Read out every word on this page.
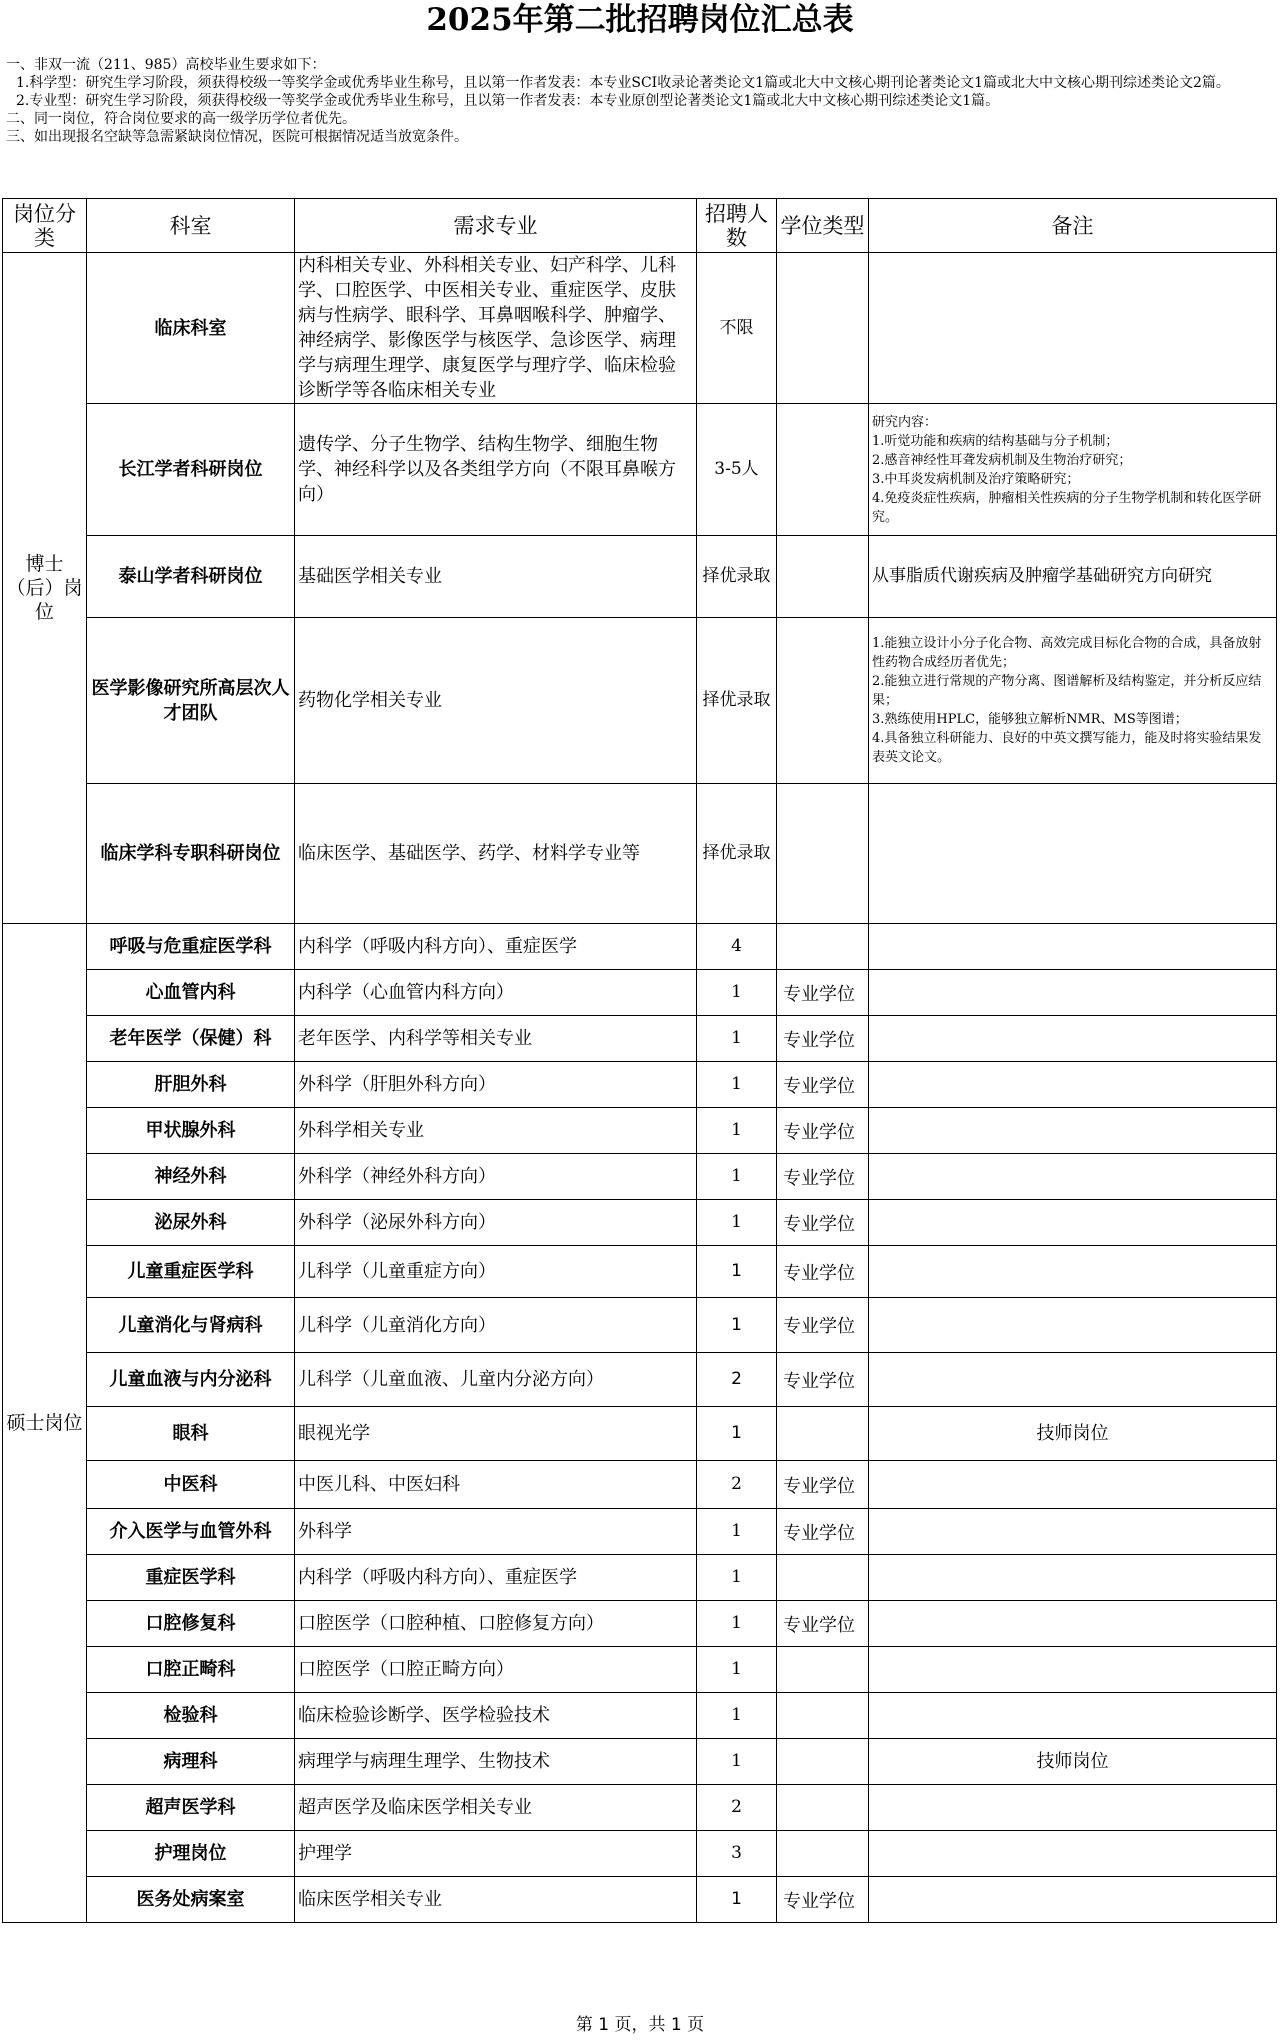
2025年第二批招聘岗位汇总表

一、非双一流（211、985）高校毕业生要求如下：

1.科学型：研究生学习阶段，须获得校级一等奖学金或优秀毕业生称号，且以第一作者发表：本专业SCI收录论著类论文1篇或北大中文核心期刊论著类论文1篇或北大中文核心期刊综述类论文2篇。

2.专业型：研究生学习阶段，须获得校级一等奖学金或优秀毕业生称号，且以第一作者发表：本专业原创型论著类论文1篇或北大中文核心期刊综述类论文1篇。

二、同一岗位，符合岗位要求的高一级学历学位者优先。

三、如出现报名空缺等急需紧缺岗位情况，医院可根据情况适当放宽条件。

岗位分类	科室	需求专业	招聘人数	学位类型	备注
博士（后）岗位	临床科室	内科相关专业、外科相关专业、妇产科学、儿科学、口腔医学、中医相关专业、重症医学、皮肤病与性病学、眼科学、耳鼻咽喉科学、肿瘤学、神经病学、影像医学与核医学、急诊医学、病理学与病理生理学、康复医学与理疗学、临床检验诊断学等各临床相关专业	不限		
	长江学者科研岗位	遗传学、分子生物学、结构生物学、细胞生物学、神经科学以及各类组学方向（不限耳鼻喉方向）	3-5人		研究内容：
1.听觉功能和疾病的结构基础与分子机制；
2.感音神经性耳聋发病机制及生物治疗研究；
3.中耳炎发病机制及治疗策略研究；
4.免疫炎症性疾病，肿瘤相关性疾病的分子生物学机制和转化医学研究。

	泰山学者科研岗位	基础医学相关专业	择优录取		从事脂质代谢疾病及肿瘤学基础研究方向研究
	医学影像研究所高层次人才团队	药物化学相关专业	择优录取		1.能独立设计小分子化合物、高效完成目标化合物的合成，具备放射性药物合成经历者优先；
2.能独立进行常规的产物分离、图谱解析及结构鉴定，并分析反应结果；
3.熟练使用HPLC，能够独立解析NMR、MS等图谱；
4.具备独立科研能力、良好的中英文撰写能力，能及时将实验结果发表英文论文。

	临床学科专职科研岗位	临床医学、基础医学、药学、材料学专业等	择优录取		
硕士岗位	呼吸与危重症医学科	内科学（呼吸内科方向）、重症医学	4		
	心血管内科	内科学（心血管内科方向）	1	专业学位	
	老年医学（保健）科	老年医学、内科学等相关专业	1	专业学位	
	肝胆外科	外科学（肝胆外科方向）	1	专业学位	
	甲状腺外科	外科学相关专业	1	专业学位	
	神经外科	外科学（神经外科方向）	1	专业学位	
	泌尿外科	外科学（泌尿外科方向）	1	专业学位	
	儿童重症医学科	儿科学（儿童重症方向）	1	专业学位	
	儿童消化与肾病科	儿科学（儿童消化方向）	1	专业学位	
	儿童血液与内分泌科	儿科学（儿童血液、儿童内分泌方向）	2	专业学位	
	眼科	眼视光学	1		技师岗位
	中医科	中医儿科、中医妇科	2	专业学位	
	介入医学与血管外科	外科学	1	专业学位	
	重症医学科	内科学（呼吸内科方向）、重症医学	1		
	口腔修复科	口腔医学（口腔种植、口腔修复方向）	1	专业学位	
	口腔正畸科	口腔医学（口腔正畸方向）	1		
	检验科	临床检验诊断学、医学检验技术	1		
	病理科	病理学与病理生理学、生物技术	1		技师岗位
	超声医学科	超声医学及临床医学相关专业	2		
	护理岗位	护理学	3		
	医务处病案室	临床医学相关专业	1	专业学位	
第 1 页，共 1 页
